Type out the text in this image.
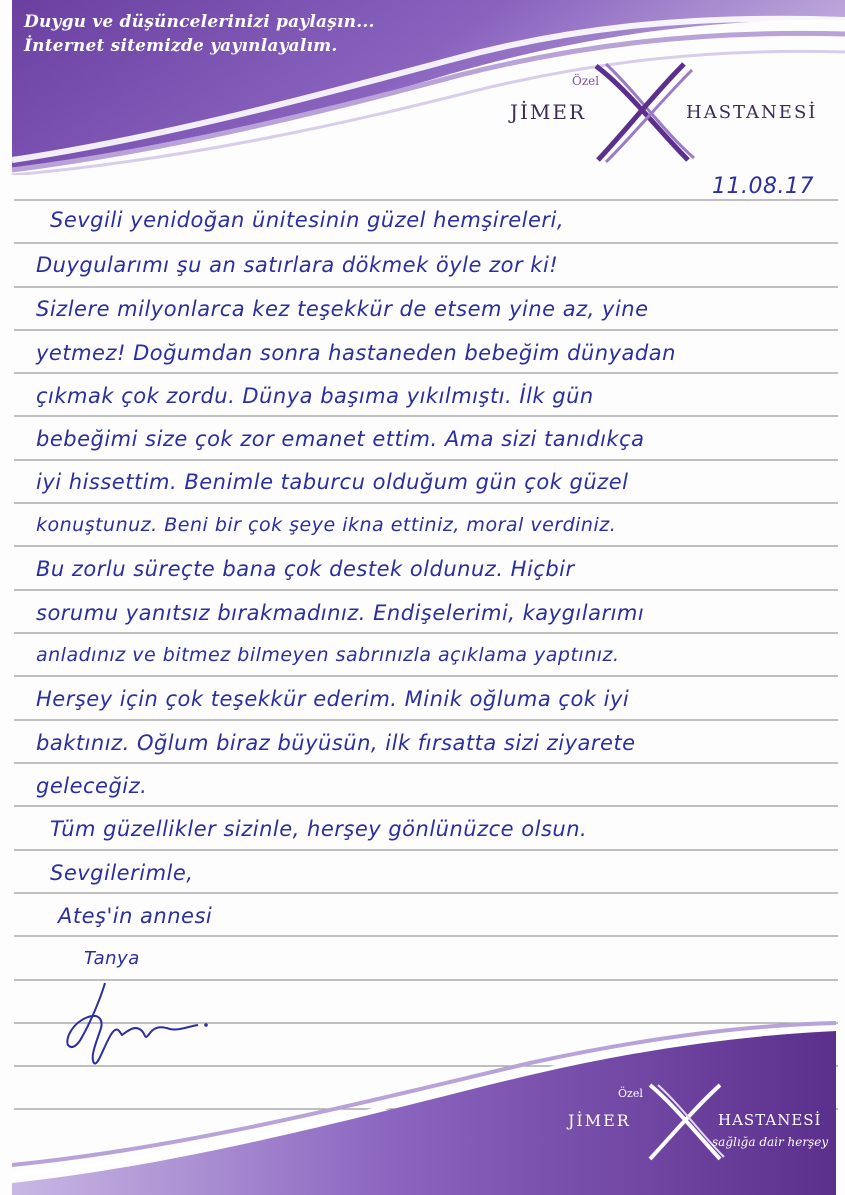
Duygu ve düşüncelerinizi paylaşın...
İnternet sitemizde yayınlayalım.
Özel
JİMER	HASTANESİ
11.08.17
Sevgili yenidoğan ünitesinin güzel hemşireleri,
Duygularımı şu an satırlara dökmek öyle zor ki!
Sizlere milyonlarca kez teşekkür de etsem yine az, yine
yetmez! Doğumdan sonra hastaneden bebeğim dünyadan
çıkmak çok zordu. Dünya başıma yıkılmıştı. İlk gün
bebeğimi size çok zor emanet ettim. Ama sizi tanıdıkça
iyi hissettim. Benimle taburcu olduğum gün çok güzel
konuştunuz. Beni bir çok şeye ikna ettiniz, moral verdiniz.
Bu zorlu süreçte bana çok destek oldunuz. Hiçbir
sorumu yanıtsız bırakmadınız. Endişelerimi, kaygılarımı
anladınız ve bitmez bilmeyen sabrınızla açıklama yaptınız.
Herşey için çok teşekkür ederim. Minik oğluma çok iyi
baktınız. Oğlum biraz büyüsün, ilk fırsatta sizi ziyarete
geleceğiz.
Tüm güzellikler sizinle, herşey gönlünüzce olsun.
Sevgilerimle,
Ateş'in annesi
Tanya
Özel
JİMER	HASTANESİ
sağlığa dair herşey
